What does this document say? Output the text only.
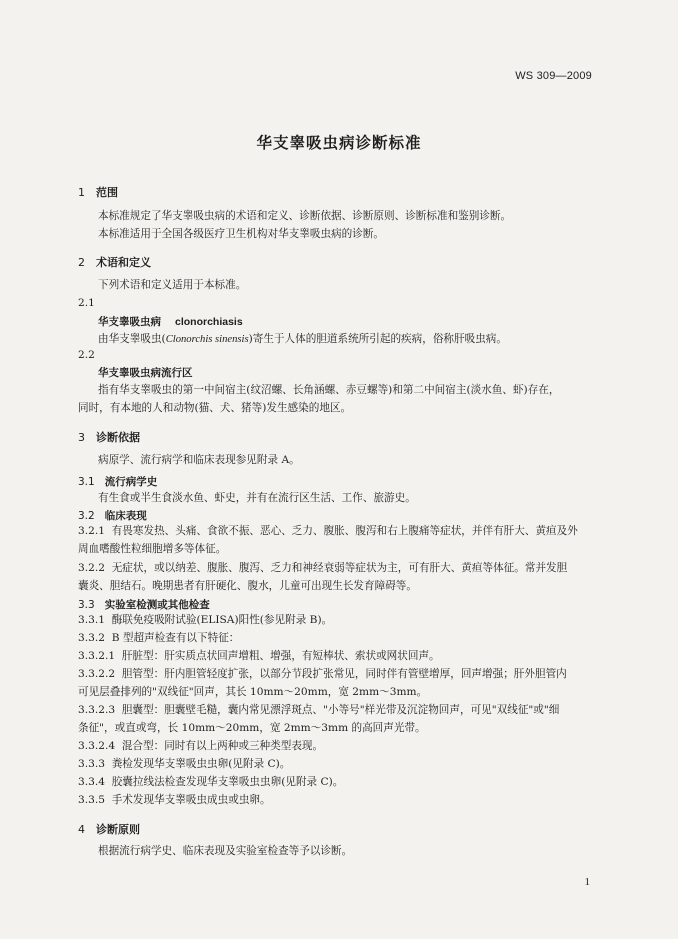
WS 309—2009
华支睾吸虫病诊断标准
1 范围
本标准规定了华支睾吸虫病的术语和定义、诊断依据、诊断原则、诊断标准和鉴别诊断。
本标准适用于全国各级医疗卫生机构对华支睾吸虫病的诊断。
2 术语和定义
下列术语和定义适用于本标准。
2.1
华支睾吸虫病 clonorchiasis
由华支睾吸虫(Clonorchis sinensis)寄生于人体的胆道系统所引起的疾病，俗称肝吸虫病。
2.2
华支睾吸虫病流行区
指有华支睾吸虫的第一中间宿主(纹沼螺、长角涵螺、赤豆螺等)和第二中间宿主(淡水鱼、虾)存在，
同时，有本地的人和动物(猫、犬、猪等)发生感染的地区。
3 诊断依据
病原学、流行病学和临床表现参见附录 A。
3.1 流行病学史
有生食或半生食淡水鱼、虾史，并有在流行区生活、工作、旅游史。
3.2 临床表现
3.2.1 有畏寒发热、头痛、食欲不振、恶心、乏力、腹胀、腹泻和右上腹痛等症状，并伴有肝大、黄疸及外
周血嗜酸性粒细胞增多等体征。
3.2.2 无症状，或以纳差、腹胀、腹泻、乏力和神经衰弱等症状为主，可有肝大、黄疸等体征。常并发胆
囊炎、胆结石。晚期患者有肝硬化、腹水，儿童可出现生长发育障碍等。
3.3 实验室检测或其他检查
3.3.1 酶联免疫吸附试验(ELISA)阳性(参见附录 B)。
3.3.2 B 型超声检查有以下特征：
3.3.2.1 肝脏型：肝实质点状回声增粗、增强，有短棒状、索状或网状回声。
3.3.2.2 胆管型：肝内胆管轻度扩张，以部分节段扩张常见，同时伴有管壁增厚，回声增强；肝外胆管内
可见层叠排列的"双线征"回声，其长 10mm～20mm，宽 2mm～3mm。
3.3.2.3 胆囊型：胆囊壁毛糙，囊内常见漂浮斑点、"小等号"样光带及沉淀物回声，可见"双线征"或"细
条征"，或直或弯，长 10mm～20mm，宽 2mm～3mm 的高回声光带。
3.3.2.4 混合型：同时有以上两种或三种类型表现。
3.3.3 粪检发现华支睾吸虫虫卵(见附录 C)。
3.3.4 胶囊拉线法检查发现华支睾吸虫虫卵(见附录 C)。
3.3.5 手术发现华支睾吸虫成虫或虫卵。
4 诊断原则
根据流行病学史、临床表现及实验室检查等予以诊断。
1
